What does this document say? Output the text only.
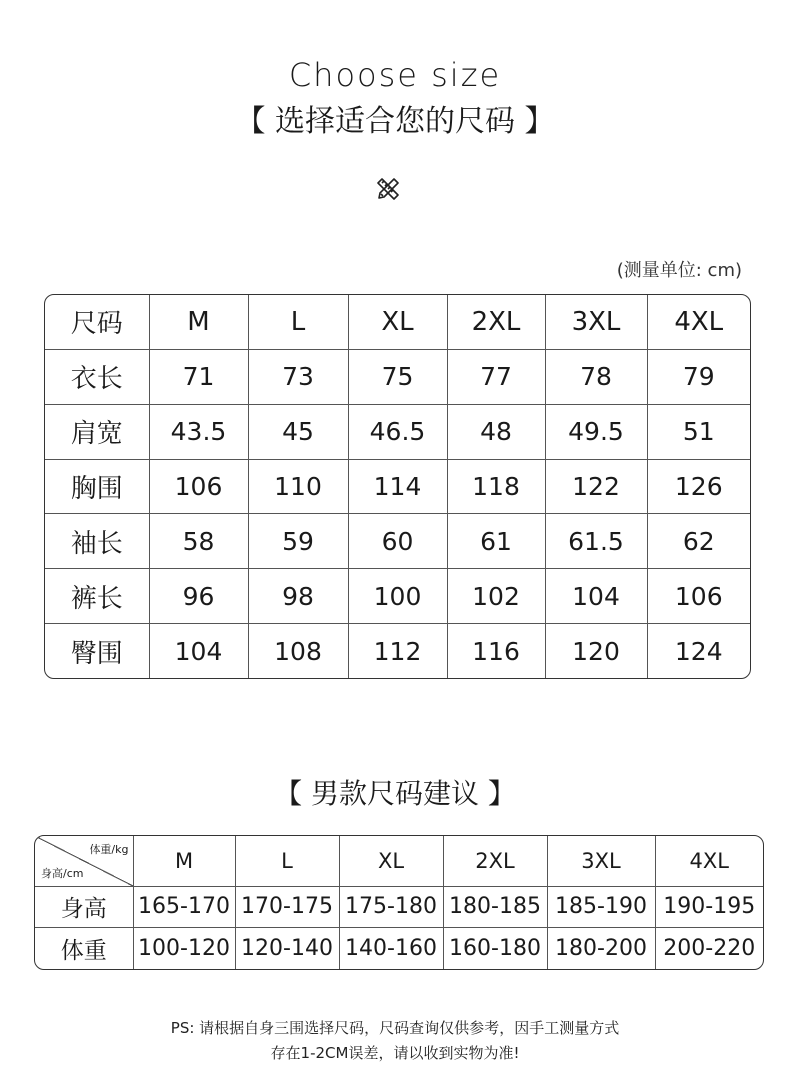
Choose size
【 选择适合您的尺码 】
(测量单位: cm)
尺码	M	L	XL	2XL	3XL	4XL
衣长	71	73	75	77	78	79
肩宽	43.5	45	46.5	48	49.5	51
胸围	106	110	114	118	122	126
袖长	58	59	60	61	61.5	62
裤长	96	98	100	102	104	106
臀围	104	108	112	116	120	124
【 男款尺码建议 】
体重/kg
身高/cm	M	L	XL	2XL	3XL	4XL
身高	165-170	170-175	175-180	180-185	185-190	190-195
体重	100-120	120-140	140-160	160-180	180-200	200-220
PS: 请根据自身三围选择尺码，尺码查询仅供参考，因手工测量方式
存在1-2CM误差，请以收到实物为准!
